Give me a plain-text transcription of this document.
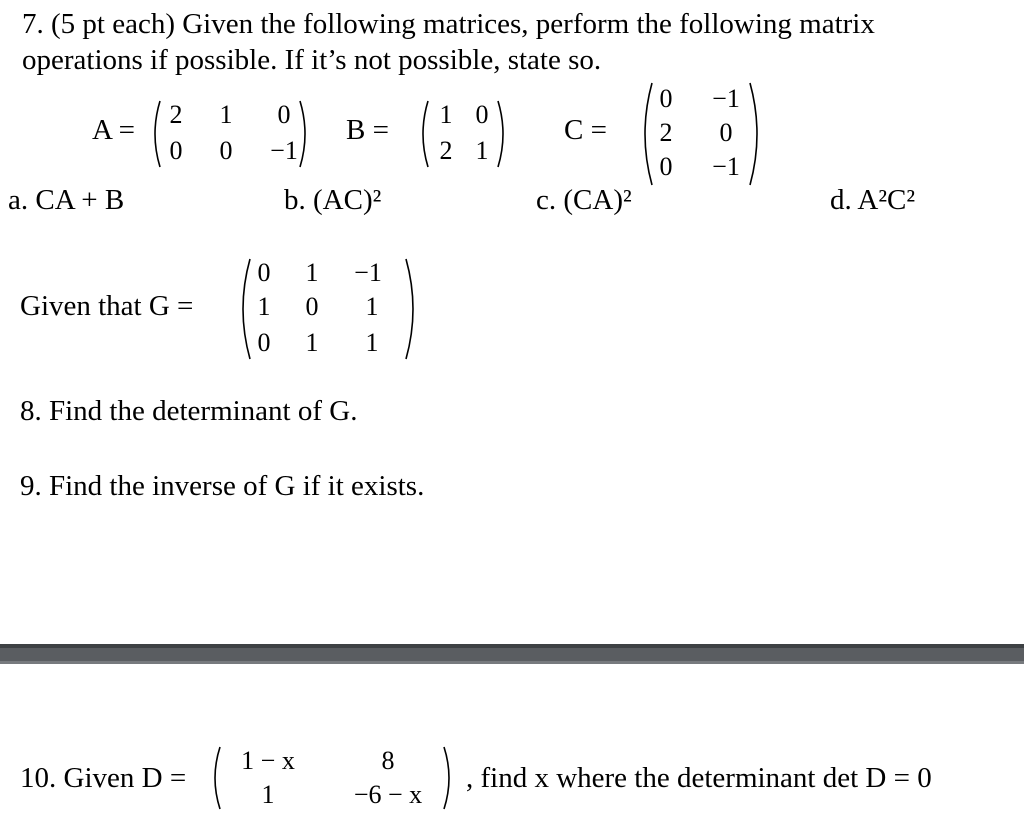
7. (5 pt each) Given the following matrices, perform the following matrix
operations if possible. If it’s not possible, state so.
A =	2	1	0
0	0	−1
B =	1 0
2 1
C =
0	−1
2	0
0	−1
a. CA + B	b. (AC)²	c. (CA)²	d. A²C²
Given that G =
0	1	−1
1	0	1
0	1	1
8. Find the determinant of G.
9. Find the inverse of G if it exists.
10. Given D =
1 − x	8
1	−6 − x
, find x where the determinant det D = 0
